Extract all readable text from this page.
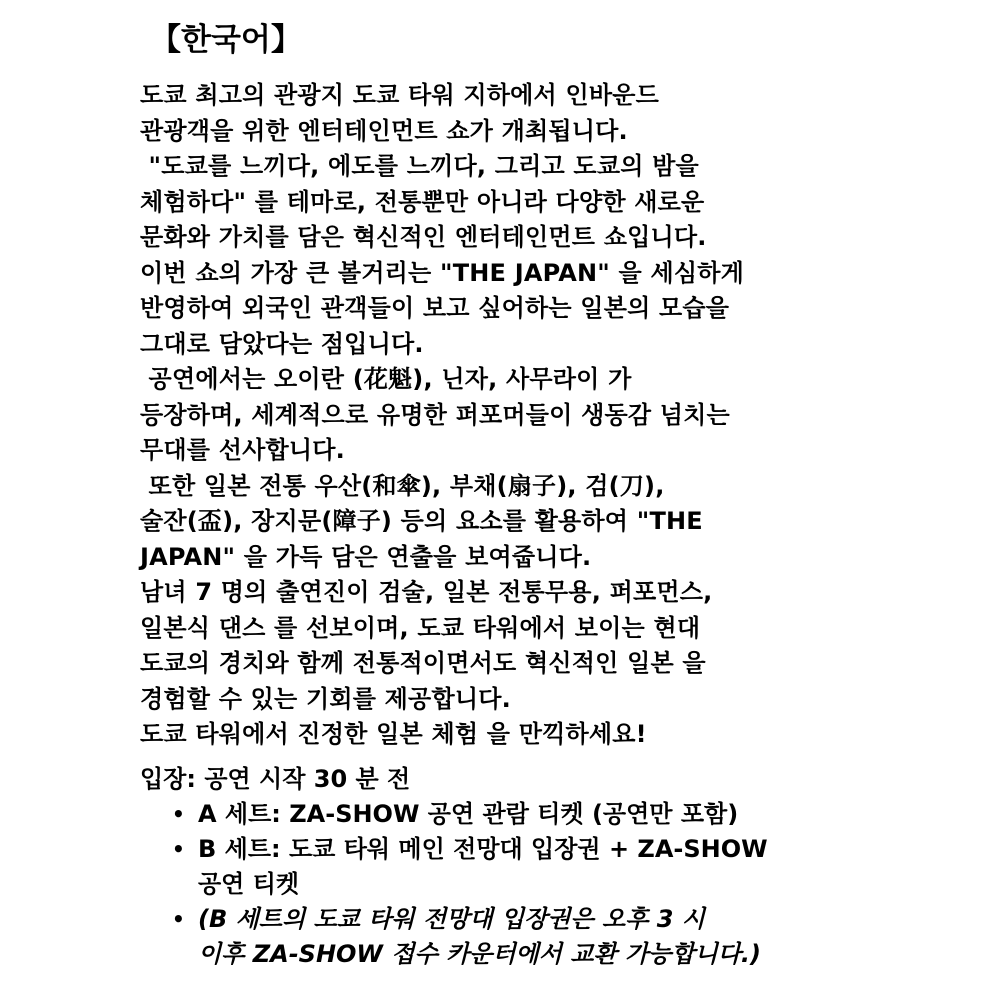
【한국어】
도쿄 최고의 관광지 도쿄 타워 지하에서 인바운드
관광객을 위한 엔터테인먼트 쇼가 개최됩니다.
"도쿄를 느끼다, 에도를 느끼다, 그리고 도쿄의 밤을
체험하다" 를 테마로, 전통뿐만 아니라 다양한 새로운
문화와 가치를 담은 혁신적인 엔터테인먼트 쇼입니다.
이번 쇼의 가장 큰 볼거리는 "THE JAPAN" 을 세심하게
반영하여 외국인 관객들이 보고 싶어하는 일본의 모습을
그대로 담았다는 점입니다.
공연에서는 오이란 (花魁), 닌자, 사무라이 가
등장하며, 세계적으로 유명한 퍼포머들이 생동감 넘치는
무대를 선사합니다.
또한 일본 전통 우산(和傘), 부채(扇子), 검(刀),
술잔(盃), 장지문(障子) 등의 요소를 활용하여 "THE
JAPAN" 을 가득 담은 연출을 보여줍니다.
남녀 7 명의 출연진이 검술, 일본 전통무용, 퍼포먼스,
일본식 댄스 를 선보이며, 도쿄 타워에서 보이는 현대
도쿄의 경치와 함께 전통적이면서도 혁신적인 일본 을
경험할 수 있는 기회를 제공합니다.
도쿄 타워에서 진정한 일본 체험 을 만끽하세요!
입장: 공연 시작 30 분 전
• A 세트: ZA-SHOW 공연 관람 티켓 (공연만 포함)
• B 세트: 도쿄 타워 메인 전망대 입장권 + ZA-SHOW
공연 티켓
• (B 세트의 도쿄 타워 전망대 입장권은 오후 3 시
이후 ZA-SHOW 접수 카운터에서 교환 가능합니다.)
